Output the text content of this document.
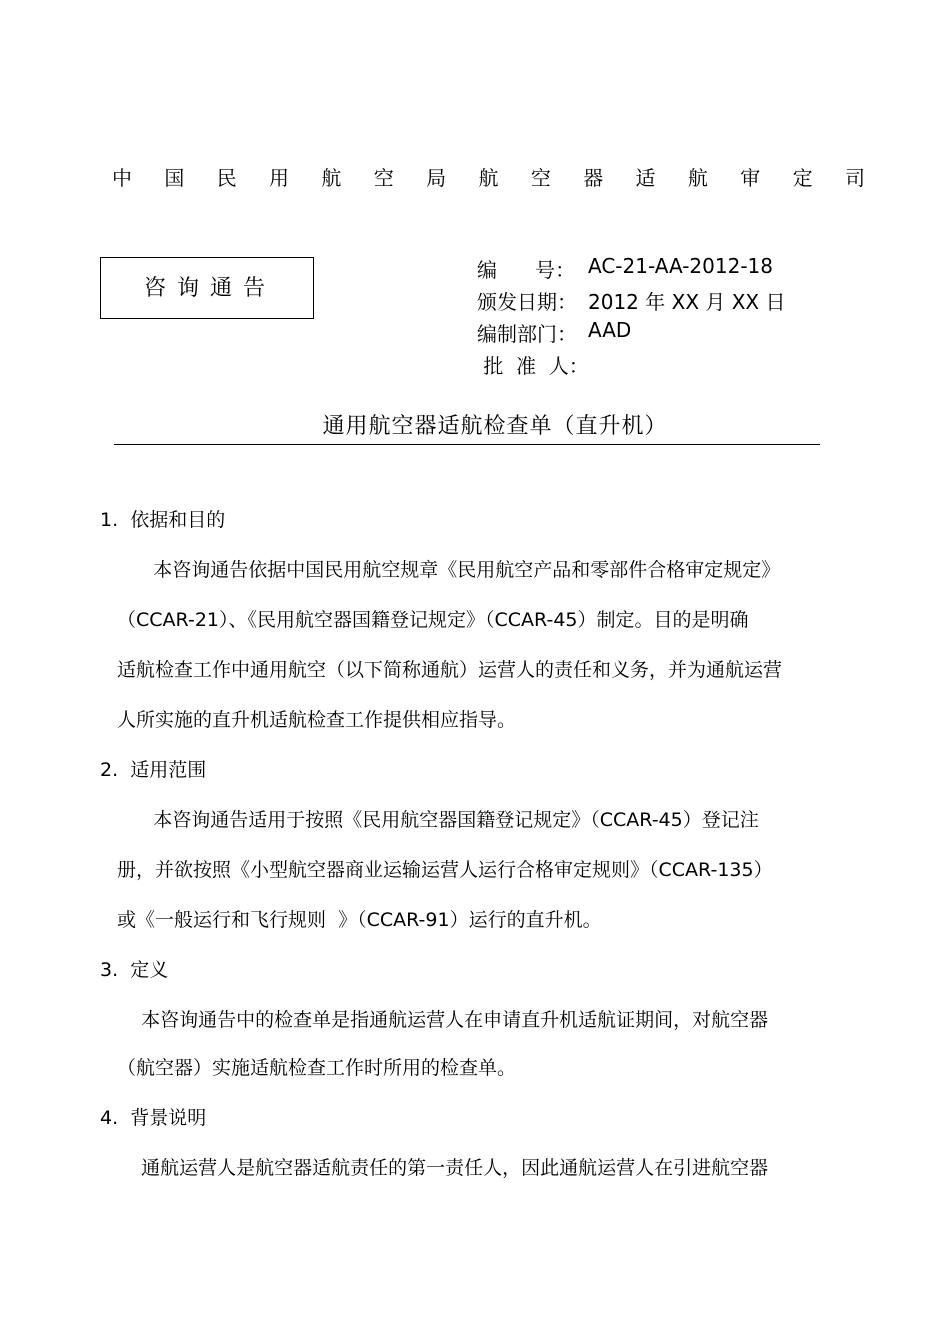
中 国 民 用 航 空 局 航 空 器 适 航 审 定 司
咨询通告
编      号： AC-21-AA-2012-18
颁发日期： 2012 年 XX 月 XX 日
编制部门： AAD
批  准  人：
通用航空器适航检查单（直升机）
1.  依据和目的
本咨询通告依据中国民用航空规章《民用航空产品和零部件合格审定规定》
（CCAR-21）、《民用航空器国籍登记规定》（CCAR-45）制定。目的是明确
适航检查工作中通用航空（以下简称通航）运营人的责任和义务，并为通航运营
人所实施的直升机适航检查工作提供相应指导。
2.  适用范围
本咨询通告适用于按照《民用航空器国籍登记规定》（CCAR-45）登记注
册，并欲按照《小型航空器商业运输运营人运行合格审定规则》（CCAR-135）
或《一般运行和飞行规则  》（CCAR-91）运行的直升机。
3.  定义
本咨询通告中的检查单是指通航运营人在申请直升机适航证期间，对航空器
（航空器）实施适航检查工作时所用的检查单。
4.  背景说明
通航运营人是航空器适航责任的第一责任人，因此通航运营人在引进航空器
